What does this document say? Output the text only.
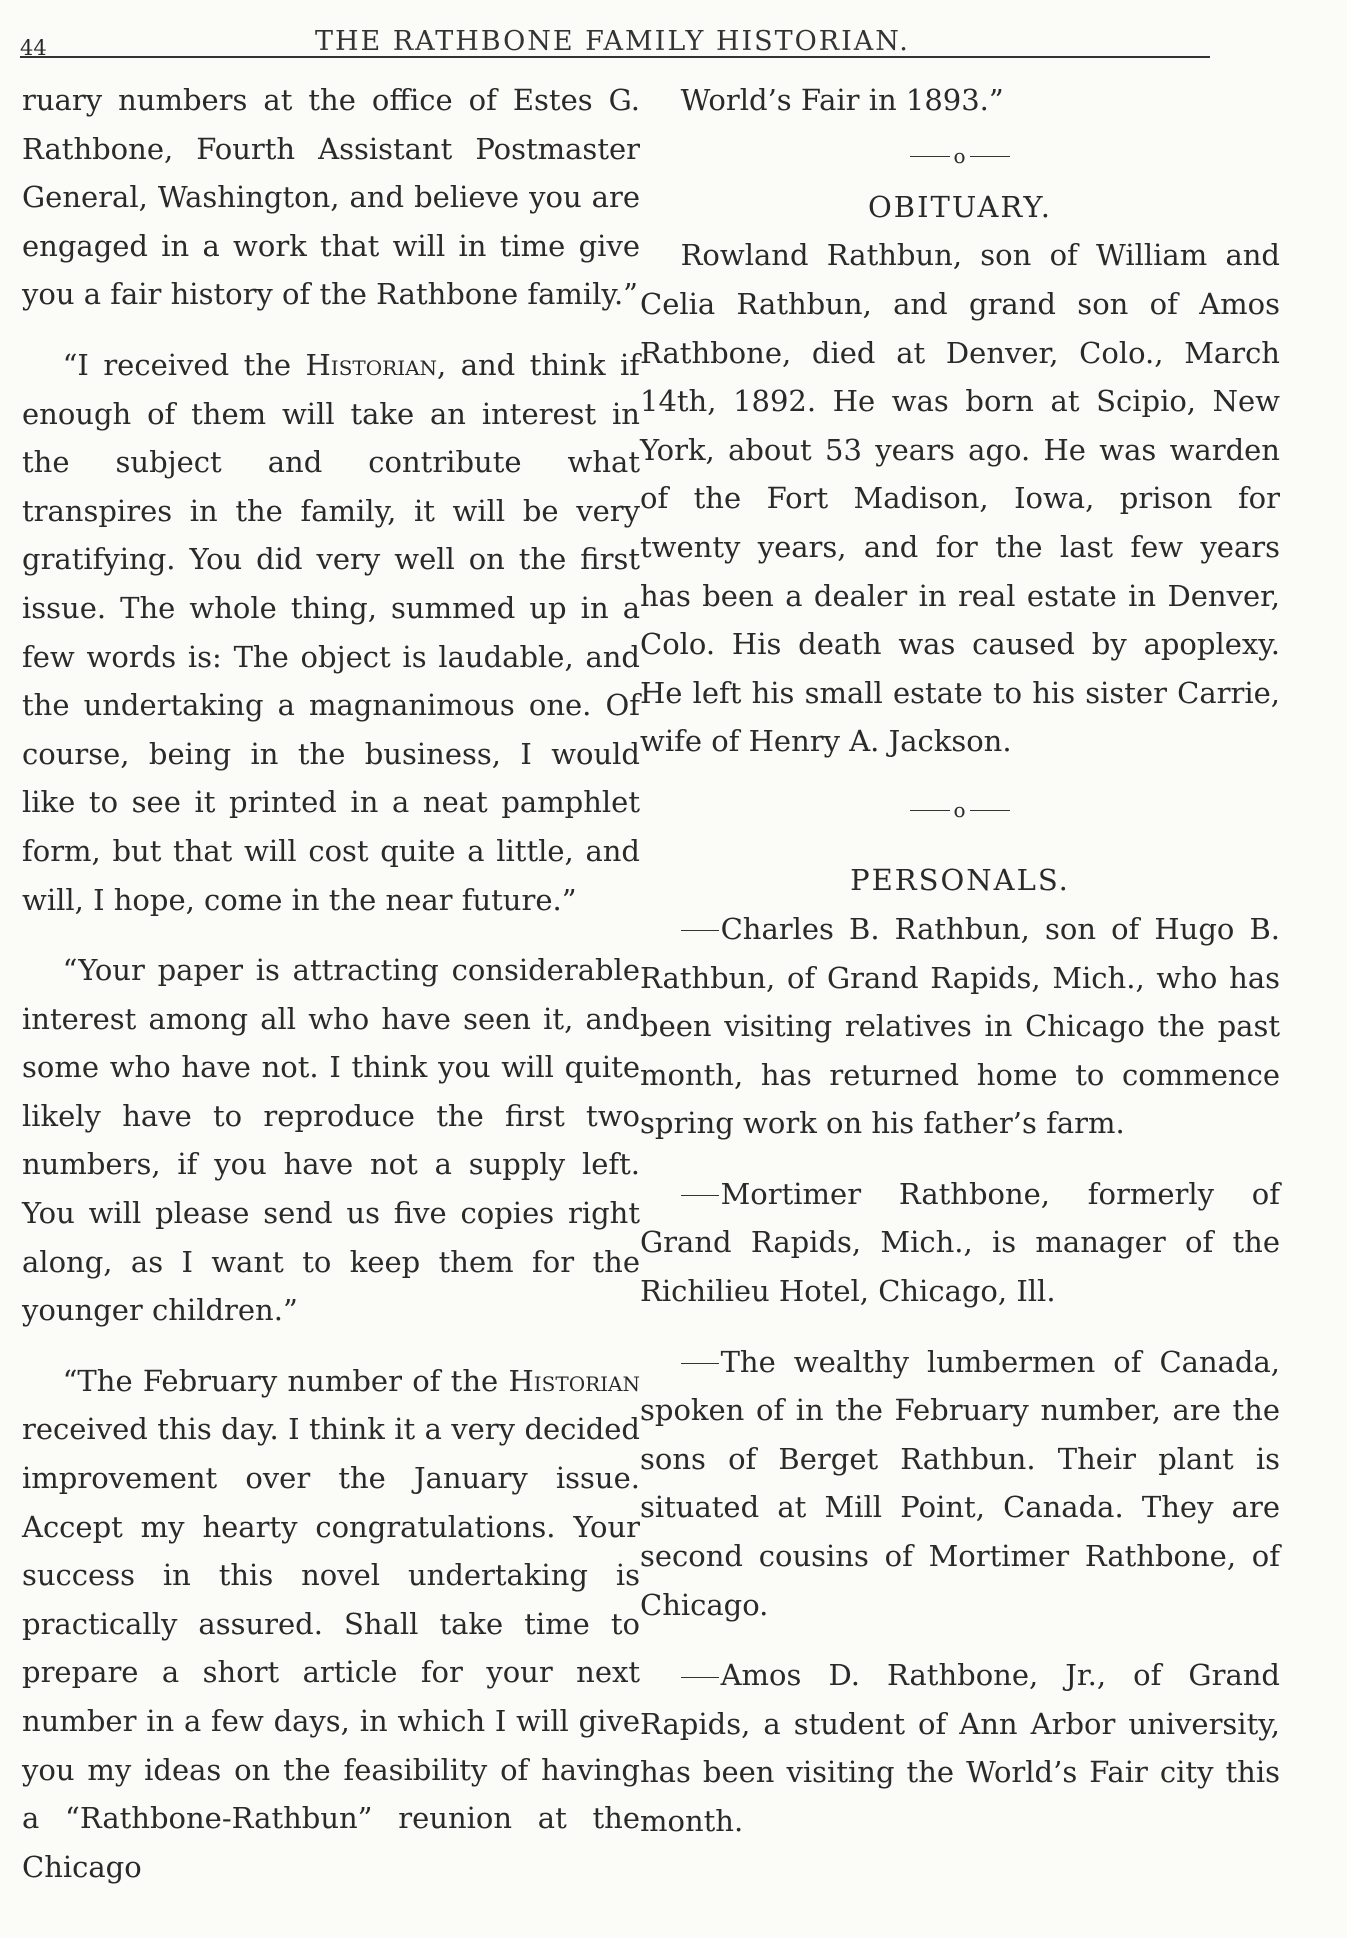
44	THE RATHBONE FAMILY HISTORIAN.

ruary numbers at the office of Estes G. Rathbone, Fourth Assistant Postmaster General, Washington, and believe you are engaged in a work that will in time give you a fair history of the Rathbone family.”

“I received the Historian, and think if enough of them will take an interest in the subject and contribute what transpires in the family, it will be very gratifying. You did very well on the first issue. The whole thing, summed up in a few words is: The object is laudable, and the undertaking a magnanimous one. Of course, being in the business, I would like to see it printed in a neat pamphlet form, but that will cost quite a little, and will, I hope, come in the near future.”

“Your paper is attracting considerable interest among all who have seen it, and some who have not. I think you will quite likely have to reproduce the first two numbers, if you have not a supply left. You will please send us five copies right along, as I want to keep them for the younger children.”

“The February number of the Historian received this day. I think it a very decided improvement over the January issue. Accept my hearty congratulations. Your success in this novel undertaking is practically assured. Shall take time to prepare a short article for your next number in a few days, in which I will give you my ideas on the feasibility of having a “Rathbone-Rathbun” reunion at the Chicago

World’s Fair in 1893.”

o
OBITUARY.

Rowland Rathbun, son of William and Celia Rathbun, and grand son of Amos Rathbone, died at Denver, Colo., March 14th, 1892. He was born at Scipio, New York, about 53 years ago. He was warden of the Fort Madison, Iowa, prison for twenty years, and for the last few years has been a dealer in real estate in Denver, Colo. His death was caused by apoplexy. He left his small estate to his sister Carrie, wife of Henry A. Jackson.

o
PERSONALS.

Charles B. Rathbun, son of Hugo B. Rathbun, of Grand Rapids, Mich., who has been visiting relatives in Chicago the past month, has returned home to commence spring work on his father’s farm.

Mortimer Rathbone, formerly of Grand Rapids, Mich., is manager of the Richilieu Hotel, Chicago, Ill.

The wealthy lumbermen of Canada, spoken of in the February number, are the sons of Berget Rathbun. Their plant is situated at Mill Point, Canada. They are second cousins of Mortimer Rathbone, of Chicago.

Amos D. Rathbone, Jr., of Grand Rapids, a student of Ann Arbor university, has been visiting the World’s Fair city this month.
